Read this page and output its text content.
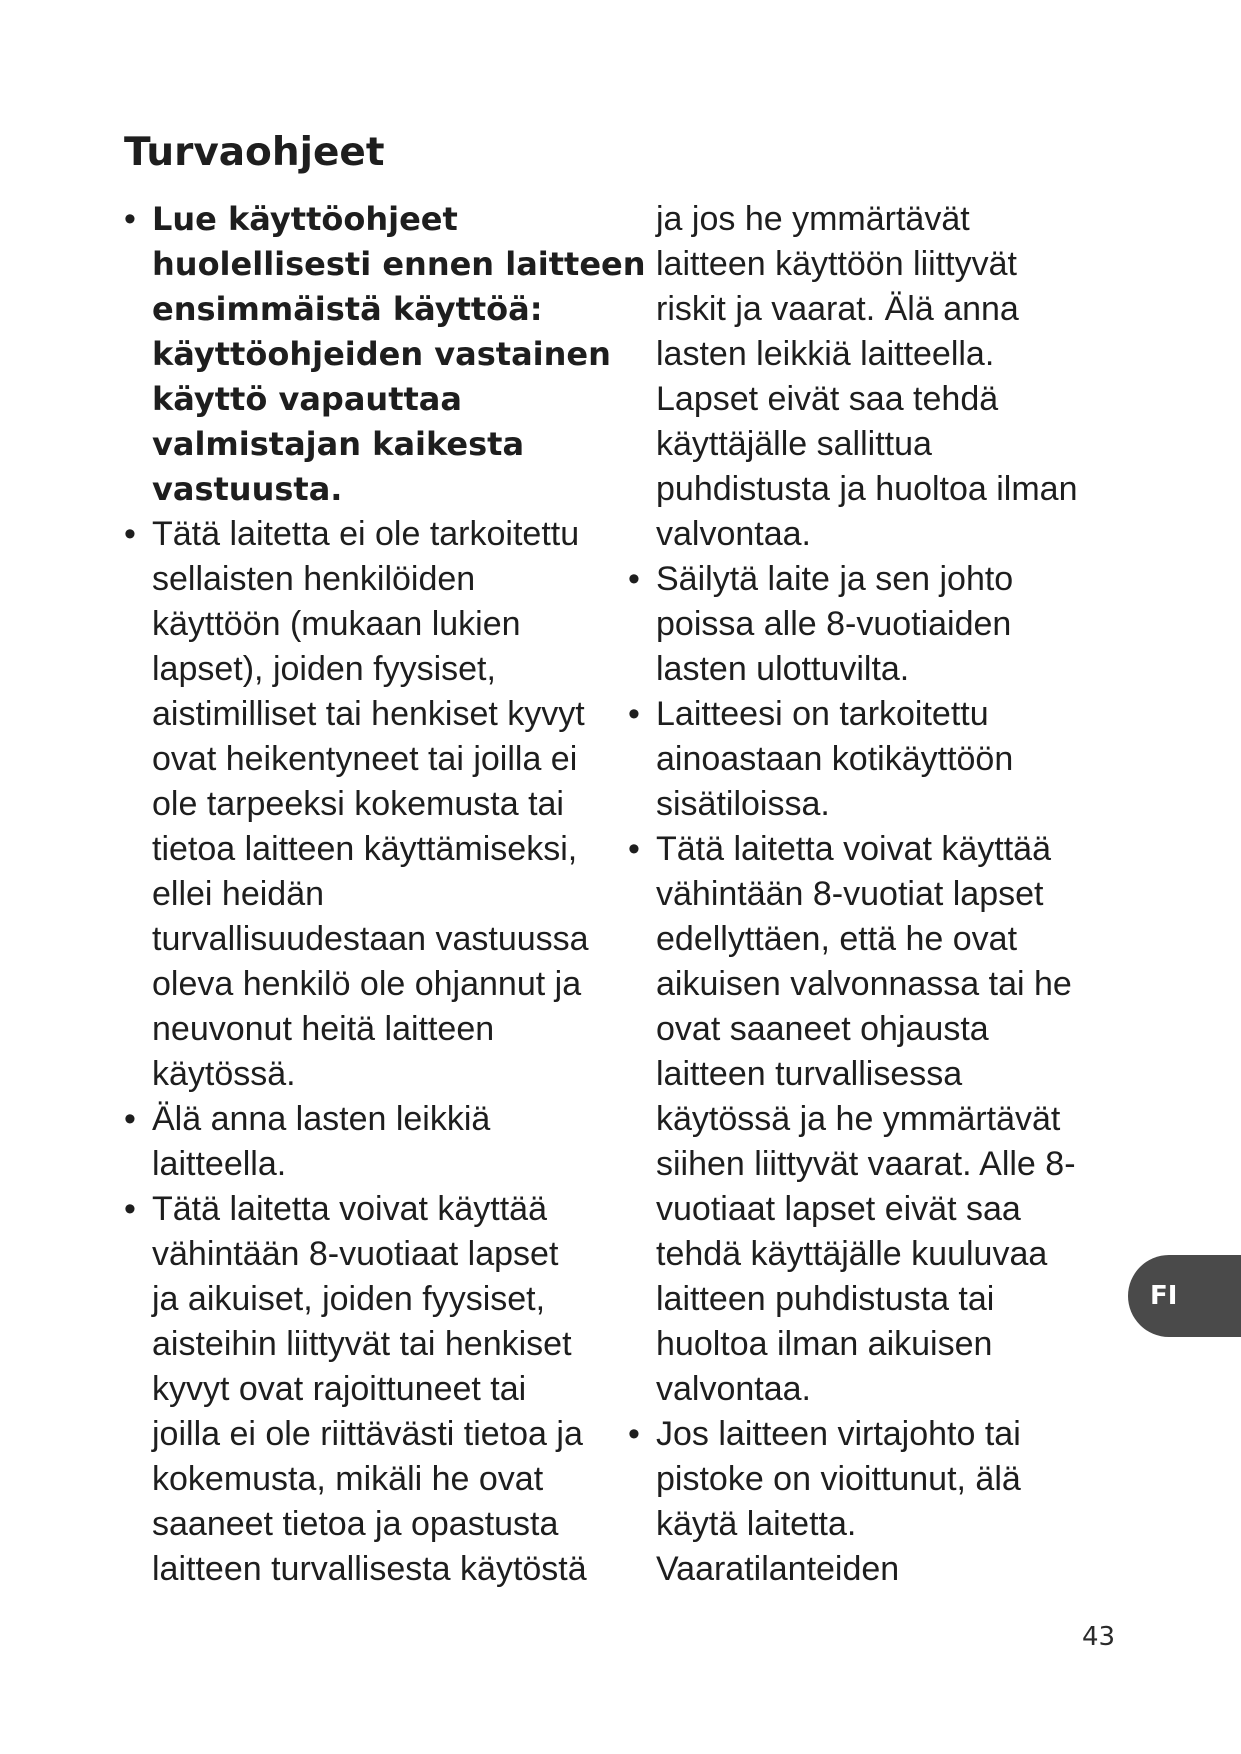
Turvaohjeet
• Lue käyttöohjeet
huolellisesti ennen laitteen
ensimmäistä käyttöä:
käyttöohjeiden vastainen
käyttö vapauttaa
valmistajan kaikesta
vastuusta.
• Tätä laitetta ei ole tarkoitettu
sellaisten henkilöiden
käyttöön (mukaan lukien
lapset), joiden fyysiset,
aistimilliset tai henkiset kyvyt
ovat heikentyneet tai joilla ei
ole tarpeeksi kokemusta tai
tietoa laitteen käyttämiseksi,
ellei heidän
turvallisuudestaan vastuussa
oleva henkilö ole ohjannut ja
neuvonut heitä laitteen
käytössä.
• Älä anna lasten leikkiä
laitteella.
• Tätä laitetta voivat käyttää
vähintään 8-vuotiaat lapset
ja aikuiset, joiden fyysiset,
aisteihin liittyvät tai henkiset
kyvyt ovat rajoittuneet tai
joilla ei ole riittävästi tietoa ja
kokemusta, mikäli he ovat
saaneet tietoa ja opastusta
laitteen turvallisesta käytöstä
ja jos he ymmärtävät
laitteen käyttöön liittyvät
riskit ja vaarat. Älä anna
lasten leikkiä laitteella.
Lapset eivät saa tehdä
käyttäjälle sallittua
puhdistusta ja huoltoa ilman
valvontaa.
• Säilytä laite ja sen johto
poissa alle 8-vuotiaiden
lasten ulottuvilta.
• Laitteesi on tarkoitettu
ainoastaan kotikäyttöön
sisätiloissa.
• Tätä laitetta voivat käyttää
vähintään 8-vuotiat lapset
edellyttäen, että he ovat
aikuisen valvonnassa tai he
ovat saaneet ohjausta
laitteen turvallisessa
käytössä ja he ymmärtävät
siihen liittyvät vaarat. Alle 8-
vuotiaat lapset eivät saa
tehdä käyttäjälle kuuluvaa
laitteen puhdistusta tai
huoltoa ilman aikuisen
valvontaa.
• Jos laitteen virtajohto tai
pistoke on vioittunut, älä
käytä laitetta.
Vaaratilanteiden
FI
43
